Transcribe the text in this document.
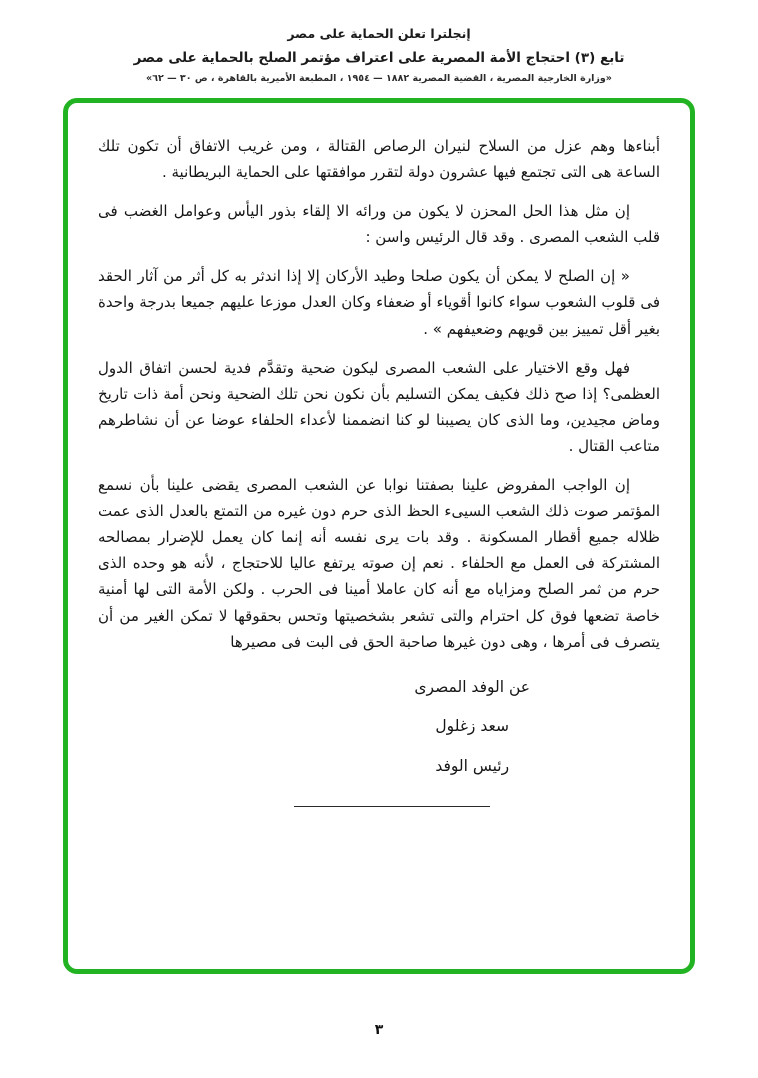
إنجلترا تعلن الحماية على مصر
تابع (٣) احتجاج الأمة المصرية على اعتراف مؤتمر الصلح بالحماية على مصر
«وزارة الخارجية المصرية ، القضية المصرية ١٨٨٢ — ١٩٥٤ ، المطبعة الأميرية بالقاهرة ، ص ٣٠ — ٦٢»

أبناءها وهم عزل من السلاح لنيران الرصاص القتالة ، ومن غريب الاتفاق أن تكون تلك الساعة هى التى تجتمع فيها عشرون دولة لتقرر موافقتها على الحماية البريطانية .

إن مثل هذا الحل المحزن لا يكون من ورائه الا إلقاء بذور اليأس وعوامل الغضب فى قلب الشعب المصرى . وقد قال الرئيس واسن :

« إن الصلح لا يمكن أن يكون صلحا وطيد الأركان إلا إذا اندثر به كل أثر من آثار الحقد فى قلوب الشعوب سواء كانوا أقوياء أو ضعفاء وكان العدل موزعا عليهم جميعا بدرجة واحدة بغير أقل تمييز بين قويهم وضعيفهم » .

فهل وقع الاختيار على الشعب المصرى ليكون ضحية وتقدَّم فدية لحسن اتفاق الدول العظمى؟ إذا صح ذلك فكيف يمكن التسليم بأن نكون نحن تلك الضحية ونحن أمة ذات تاريخ وماض مجيدين، وما الذى كان يصيبنا لو كنا انضممنا لأعداء الحلفاء عوضا عن أن نشاطرهم متاعب القتال .

إن الواجب المفروض علينا بصفتنا نوابا عن الشعب المصرى يقضى علينا بأن نسمع المؤتمر صوت ذلك الشعب السيىء الحظ الذى حرم دون غيره من التمتع بالعدل الذى عمت ظلاله جميع أقطار المسكونة . وقد بات يرى نفسه أنه إنما كان يعمل للإضرار بمصالحه المشتركة فى العمل مع الحلفاء . نعم إن صوته يرتفع عاليا للاحتجاج ، لأنه هو وحده الذى حرم من ثمر الصلح ومزاياه مع أنه كان عاملا أمينا فى الحرب . ولكن الأمة التى لها أمنية خاصة تضعها فوق كل احترام والتى تشعر بشخصيتها وتحس بحقوقها لا تمكن الغير من أن يتصرف فى أمرها ، وهى دون غيرها صاحبة الحق فى البت فى مصيرها

عن الوفد المصرى
سعد زغلول
رئيس الوفد
٣
